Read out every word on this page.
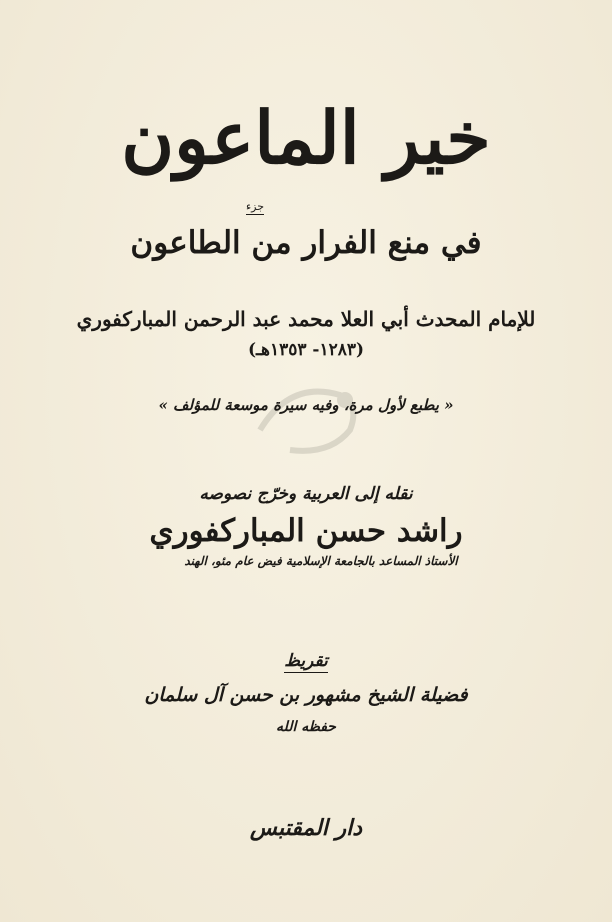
خير الماعون
جزء
في منع الفرار من الطاعون
للإمام المحدث أبي العلا محمد عبد الرحمن المباركفوري
(١٢٨٣- ١٣٥٣هـ)
« يطبع لأول مرة، وفيه سيرة موسعة للمؤلف »
نقله إلى العربية وخرّج نصوصه
راشد حسن المباركفوري
الأستاذ المساعد بالجامعة الإسلامية فيض عام مئو، الهند
تقريظ
فضيلة الشيخ مشهور بن حسن آل سلمان
حفظه الله
دار المقتبس
